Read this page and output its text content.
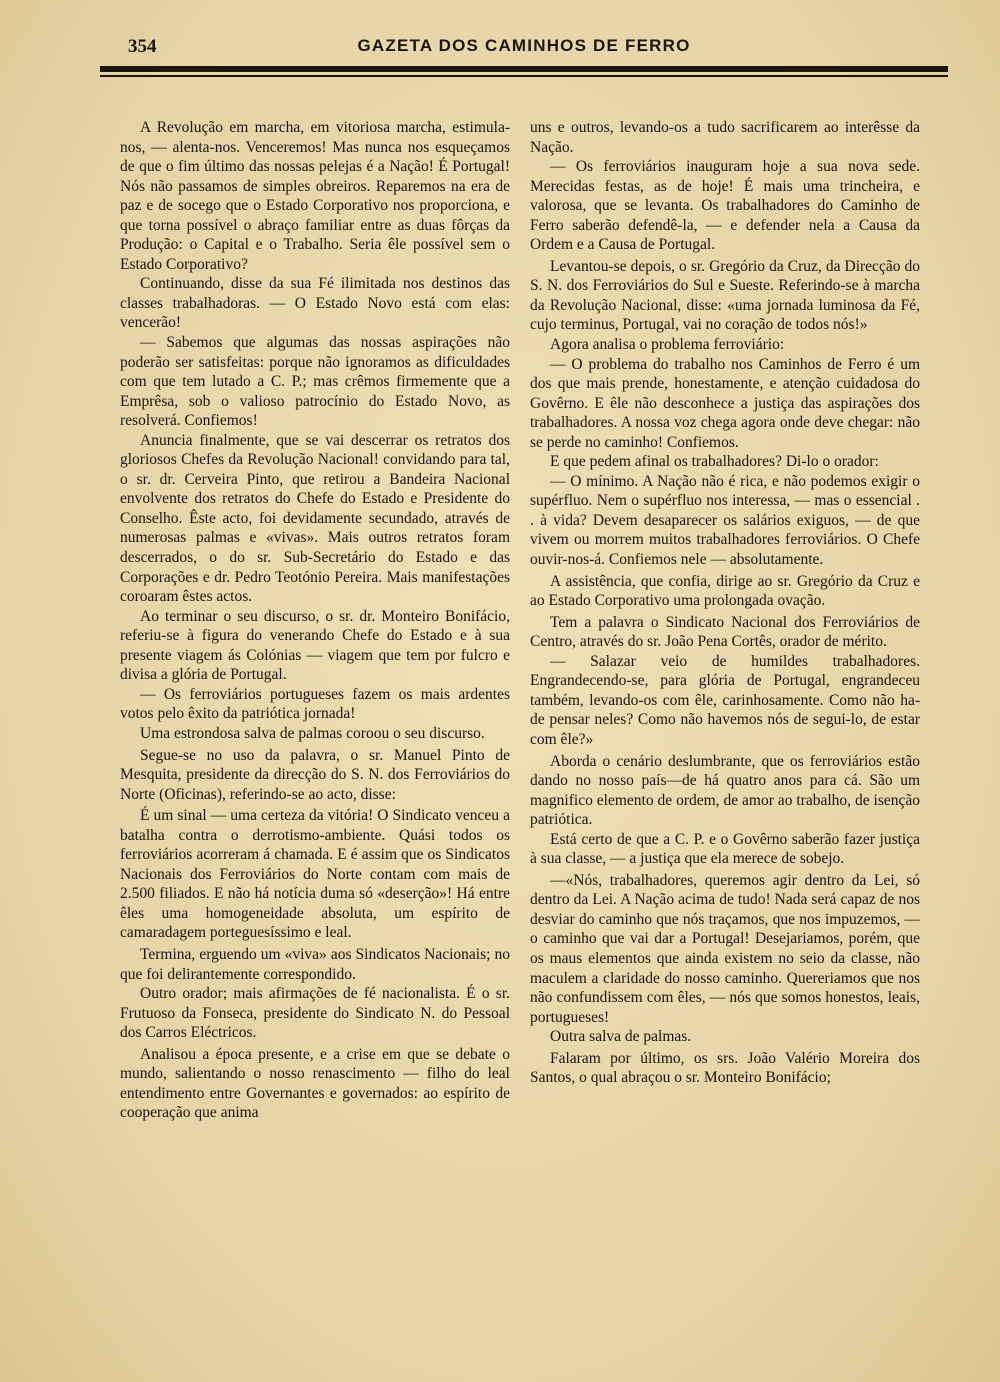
354	GAZETA DOS CAMINHOS DE FERRO

A Revolução em marcha, em vitoriosa marcha, estimula-nos, — alenta-nos. Venceremos! Mas nunca nos esqueçamos de que o fim último das nossas pelejas é a Nação! É Portugal! Nós não passamos de simples obreiros. Reparemos na era de paz e de socego que o Estado Corporativo nos proporciona, e que torna possível o abraço familiar entre as duas fôrças da Produção: o Capital e o Trabalho. Seria êle possível sem o Estado Corporativo?

Continuando, disse da sua Fé ilimitada nos destinos das classes trabalhadoras. — O Estado Novo está com elas: vencerão!

— Sabemos que algumas das nossas aspirações não poderão ser satisfeitas: porque não ignoramos as dificuldades com que tem lutado a C. P.; mas crêmos firmemente que a Emprêsa, sob o valioso patrocínio do Estado Novo, as resolverá. Confiemos!

Anuncia finalmente, que se vai descerrar os retratos dos gloriosos Chefes da Revolução Nacional! convidando para tal, o sr. dr. Cerveira Pinto, que retirou a Bandeira Nacional envolvente dos retratos do Chefe do Estado e Presidente do Conselho. Êste acto, foi devidamente secundado, através de numerosas palmas e «vivas». Mais outros retratos foram descerrados, o do sr. Sub-Secretário do Estado e das Corporações e dr. Pedro Teotónio Pereira. Mais manifestações coroaram êstes actos.

Ao terminar o seu discurso, o sr. dr. Monteiro Bonifácio, referiu-se à figura do venerando Chefe do Estado e à sua presente viagem ás Colónias — viagem que tem por fulcro e divisa a glória de Portugal.

— Os ferroviários portugueses fazem os mais ardentes votos pelo êxito da patriótica jornada!

Uma estrondosa salva de palmas coroou o seu discurso.

Segue-se no uso da palavra, o sr. Manuel Pinto de Mesquita, presidente da direcção do S. N. dos Ferroviários do Norte (Oficinas), referindo-se ao acto, disse:

É um sinal — uma certeza da vitória! O Sindicato venceu a batalha contra o derrotismo-ambiente. Quási todos os ferroviários acorreram á chamada. E é assim que os Sindicatos Nacionais dos Ferroviários do Norte contam com mais de 2.500 filiados. E não há notícia duma só «deserção»! Há entre êles uma homogeneidade absoluta, um espírito de camaradagem porteguesíssimo e leal.

Termina, erguendo um «viva» aos Sindicatos Nacionais; no que foi delirantemente correspondido.

Outro orador; mais afirmações de fé nacionalista. É o sr. Frutuoso da Fonseca, presidente do Sindicato N. do Pessoal dos Carros Eléctricos.

Analisou a época presente, e a crise em que se debate o mundo, salientando o nosso renascimento — filho do leal entendimento entre Governantes e governados: ao espírito de cooperação que anima

uns e outros, levando-os a tudo sacrificarem ao interêsse da Nação.

— Os ferroviários inauguram hoje a sua nova sede. Merecidas festas, as de hoje! É mais uma trincheira, e valorosa, que se levanta. Os trabalhadores do Caminho de Ferro saberão defendê-la, — e defender nela a Causa da Ordem e a Causa de Portugal.

Levantou-se depois, o sr. Gregório da Cruz, da Direcção do S. N. dos Ferroviários do Sul e Sueste. Referindo-se à marcha da Revolução Nacional, disse: «uma jornada luminosa da Fé, cujo terminus, Portugal, vai no coração de todos nós!»

Agora analisa o problema ferroviário:

— O problema do trabalho nos Caminhos de Ferro é um dos que mais prende, honestamente, e atenção cuidadosa do Govêrno. E êle não desconhece a justiça das aspirações dos trabalhadores. A nossa voz chega agora onde deve chegar: não se perde no caminho! Confiemos.

E que pedem afinal os trabalhadores? Di-lo o orador:

— O mínimo. A Nação não é rica, e não podemos exigir o supérfluo. Nem o supérfluo nos interessa, — mas o essencial . . à vida? Devem desaparecer os salários exiguos, — de que vivem ou morrem muitos trabalhadores ferroviários. O Chefe ouvir-nos-á. Confiemos nele — absolutamente.

A assistência, que confia, dirige ao sr. Gregório da Cruz e ao Estado Corporativo uma prolongada ovação.

Tem a palavra o Sindicato Nacional dos Ferroviários de Centro, através do sr. João Pena Cortês, orador de mérito.

— Salazar veio de humildes trabalhadores. Engrandecendo-se, para glória de Portugal, engrandeceu também, levando-os com êle, carinhosamente. Como não ha-de pensar neles? Como não havemos nós de segui-lo, de estar com êle?»

Aborda o cenário deslumbrante, que os ferroviários estão dando no nosso país—de há quatro anos para cá. São um magnifico elemento de ordem, de amor ao trabalho, de isenção patriótica.

Está certo de que a C. P. e o Govêrno saberão fazer justiça à sua classe, — a justiça que ela merece de sobejo.

—«Nós, trabalhadores, queremos agir dentro da Lei, só dentro da Lei. A Nação acima de tudo! Nada será capaz de nos desviar do caminho que nós traçamos, que nos impuzemos, — o caminho que vai dar a Portugal! Desejariamos, porém, que os maus elementos que ainda existem no seio da classe, não maculem a claridade do nosso caminho. Quereriamos que nos não confundissem com êles, — nós que somos honestos, leais, portugueses!

Outra salva de palmas.

Falaram por último, os srs. João Valério Moreira dos Santos, o qual abraçou o sr. Monteiro Bonifácio;
